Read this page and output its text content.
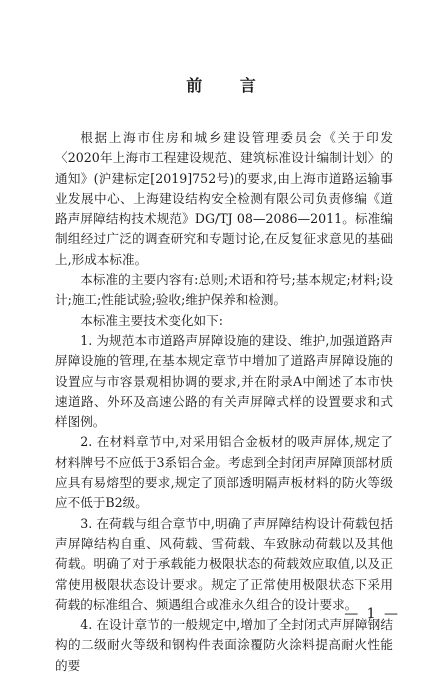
前 言

根据上海市住房和城乡建设管理委员会《关于印发〈2020年上海市工程建设规范、建筑标准设计编制计划〉的通知》(沪建标定[2019]752号)的要求,由上海市道路运输事业发展中心、上海建设结构安全检测有限公司负责修编《道路声屏障结构技术规范》DG/TJ 08—2086—2011。标准编制组经过广泛的调查研究和专题讨论,在反复征求意见的基础上,形成本标准。

本标准的主要内容有:总则;术语和符号;基本规定;材料;设计;施工;性能试验;验收;维护保养和检测。

本标准主要技术变化如下:

1. 为规范本市道路声屏障设施的建设、维护,加强道路声屏障设施的管理,在基本规定章节中增加了道路声屏障设施的设置应与市容景观相协调的要求,并在附录A中阐述了本市快速道路、外环及高速公路的有关声屏障式样的设置要求和式样图例。

2. 在材料章节中,对采用铝合金板材的吸声屏体,规定了材料牌号不应低于3系铝合金。考虑到全封闭声屏障顶部材质应具有易熔型的要求,规定了顶部透明隔声板材料的防火等级应不低于B2级。

3. 在荷载与组合章节中,明确了声屏障结构设计荷载包括声屏障结构自重、风荷载、雪荷载、车致脉动荷载以及其他荷载。明确了对于承载能力极限状态的荷载效应取值,以及正常使用极限状态设计要求。规定了正常使用极限状态下采用荷载的标准组合、频遇组合或准永久组合的设计要求。

4. 在设计章节的一般规定中,增加了全封闭式声屏障钢结构的二级耐火等级和钢构件表面涂覆防火涂料提高耐火性能的要

— 1 —
